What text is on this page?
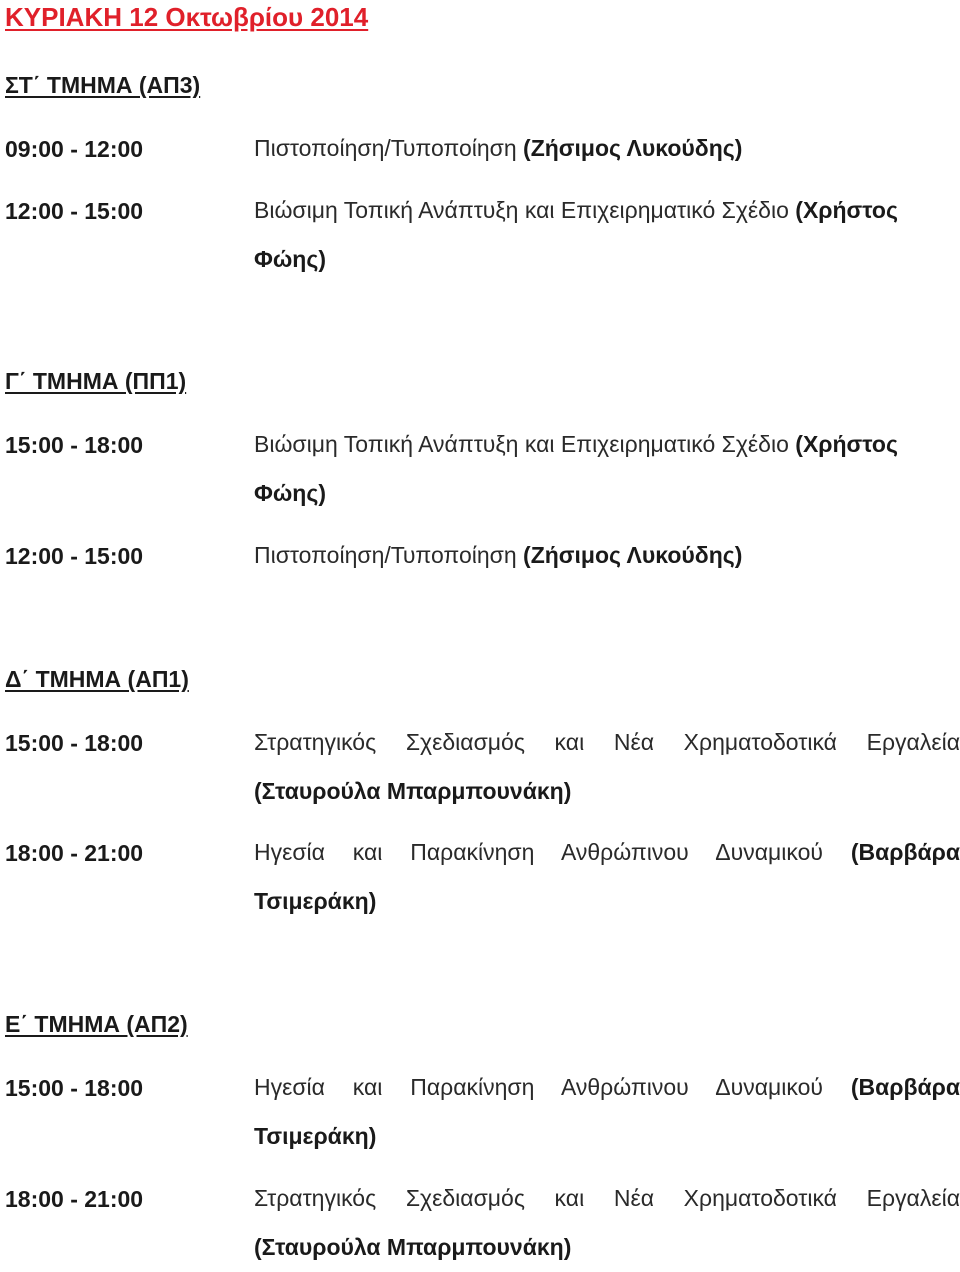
ΚΥΡΙΑΚΗ 12 Οκτωβρίου 2014
ΣΤ΄ ΤΜΗΜΑ (ΑΠ3)
09:00 - 12:00	Πιστοποίηση/Τυποποίηση (Ζήσιμος Λυκούδης)
12:00 - 15:00	Βιώσιμη Τοπική Ανάπτυξη και Επιχειρηματικό Σχέδιο (Χρήστος Φώης)
Γ΄ ΤΜΗΜΑ (ΠΠ1)
15:00 - 18:00	Βιώσιμη Τοπική Ανάπτυξη και Επιχειρηματικό Σχέδιο (Χρήστος Φώης)
12:00 - 15:00	Πιστοποίηση/Τυποποίηση (Ζήσιμος Λυκούδης)
Δ΄ ΤΜΗΜΑ (ΑΠ1)
15:00 - 18:00	Στρατηγικός Σχεδιασμός και Νέα Χρηματοδοτικά Εργαλεία (Σταυρούλα Μπαρμπουνάκη)
18:00 - 21:00	Ηγεσία και Παρακίνηση Ανθρώπινου Δυναμικού (Βαρβάρα Τσιμεράκη)
Ε΄ ΤΜΗΜΑ (ΑΠ2)
15:00 - 18:00	Ηγεσία και Παρακίνηση Ανθρώπινου Δυναμικού (Βαρβάρα Τσιμεράκη)
18:00 - 21:00	Στρατηγικός Σχεδιασμός και Νέα Χρηματοδοτικά Εργαλεία (Σταυρούλα Μπαρμπουνάκη)
